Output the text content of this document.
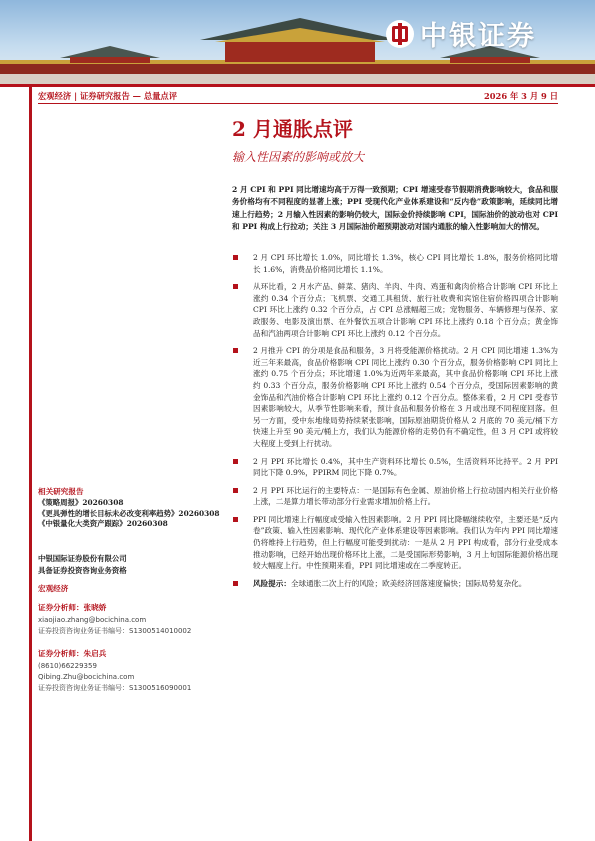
中银证券
宏观经济 | 证券研究报告 — 总量点评	2026 年 3 月 9 日
2 月通胀点评
输入性因素的影响或放大
2 月 CPI 和 PPI 同比增速均高于万得一致预期；CPI 增速受春节假期消费影响较大，食品和服务价格均有不同程度的显著上涨；PPI 受现代化产业体系建设和“反内卷”政策影响，延续同比增速上行趋势；2 月输入性因素的影响仍较大，国际金价持续影响 CPI，国际油价的波动也对 CPI 和 PPI 构成上行拉动；关注 3 月国际油价超预期波动对国内通胀的输入性影响加大的情况。
2 月 CPI 环比增长 1.0%，同比增长 1.3%，核心 CPI 同比增长 1.8%，服务价格同比增长 1.6%，消费品价格同比增长 1.1%。
从环比看，2 月水产品、鲜菜、猪肉、羊肉、牛肉、鸡蛋和禽肉价格合计影响 CPI 环比上涨约 0.34 个百分点；飞机票、交通工具租赁、旅行社收费和宾馆住宿价格四项合计影响 CPI 环比上涨约 0.32 个百分点，占 CPI 总涨幅超三成；宠物服务、车辆修理与保养、家政服务、电影及演出票、在外餐饮五项合计影响 CPI 环比上涨约 0.18 个百分点；黄金饰品和汽油两项合计影响 CPI 环比上涨约 0.12 个百分点。
2 月推升 CPI 的分项是食品和服务，3 月将受能源价格扰动。2 月 CPI 同比增速 1.3%为近三年来最高，食品价格影响 CPI 同比上涨约 0.30 个百分点，服务价格影响 CPI 同比上涨约 0.75 个百分点；环比增速 1.0%为近两年来最高，其中食品价格影响 CPI 环比上涨约 0.33 个百分点，服务价格影响 CPI 环比上涨约 0.54 个百分点，受国际因素影响的黄金饰品和汽油价格合计影响 CPI 环比上涨约 0.12 个百分点。整体来看，2 月 CPI 受春节因素影响较大，从季节性影响来看，预计食品和服务价格在 3 月或出现不同程度回落。但另一方面，受中东地缘局势持续紧张影响，国际原油期货价格从 2 月底的 70 美元/桶下方快速上升至 90 美元/桶上方，我们认为能源价格的走势仍有不确定性，但 3 月 CPI 或将较大程度上受到上行扰动。
2 月 PPI 环比增长 0.4%，其中生产资料环比增长 0.5%，生活资料环比持平。2 月 PPI 同比下降 0.9%，PPIRM 同比下降 0.7%。
2 月 PPI 环比运行的主要特点：一是国际有色金属、原油价格上行拉动国内相关行业价格上涨，二是算力增长带动部分行业需求增加价格上行。
PPI 同比增速上行幅度或受输入性因素影响。2 月 PPI 同比降幅继续收窄，主要还是“反内卷”政策、输入性因素影响、现代化产业体系建设等因素影响。我们认为年内 PPI 同比增速仍将维持上行趋势，但上行幅度可能受到扰动：一是从 2 月 PPI 构成看，部分行业受成本推动影响，已经开始出现价格环比上涨，二是受国际形势影响，3 月上旬国际能源价格出现较大幅度上行。中性预期来看，PPI 同比增速或在二季度转正。
风险提示：全球通胀二次上行的风险；欧美经济回落速度偏快；国际局势复杂化。
相关研究报告
《策略周报》20260308
《更具弹性的增长目标未必改变利率趋势》20260308
《中银量化大类资产跟踪》20260308
中银国际证券股份有限公司
具备证券投资咨询业务资格
宏观经济
证券分析师：张晓娇
xiaojiao.zhang@bocichina.com
证券投资咨询业务证书编号：S1300514010002
证券分析师：朱启兵
(8610)66229359
Qibing.Zhu@bocichina.com
证券投资咨询业务证书编号：S1300516090001
